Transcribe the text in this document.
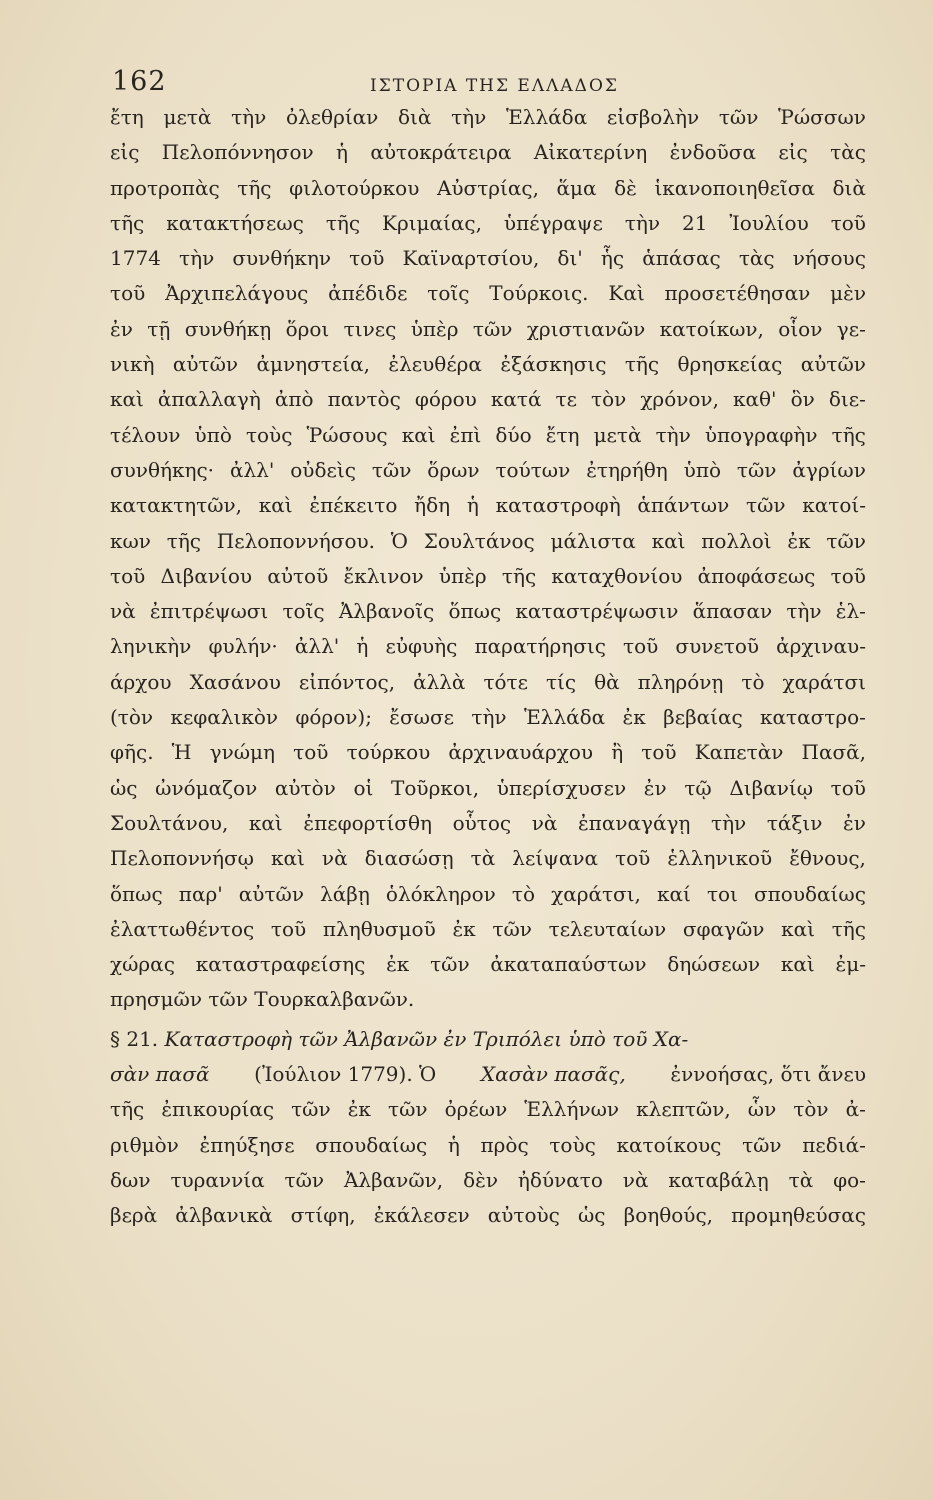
162	ΙΣΤΟΡΙΑ ΤΗΣ ΕΛΛΑΔΟΣ
ἔτη μετὰ τὴν ὀλεθρίαν διὰ τὴν Ἑλλάδα εἰσβολὴν τῶν Ῥώσσων
εἰς Πελοπόννησον ἡ αὐτοκράτειρα Αἰκατερίνη ἐνδοῦσα εἰς τὰς
προτροπὰς τῆς φιλοτούρκου Αὐστρίας, ἅμα δὲ ἱκανοποιηθεῖσα διὰ
τῆς κατακτήσεως τῆς Κριμαίας, ὑπέγραψε τὴν 21 Ἰουλίου τοῦ
1774 τὴν συνθήκην τοῦ Καϊναρτσίου, δι' ἧς ἁπάσας τὰς νήσους
τοῦ Ἀρχιπελάγους ἀπέδιδε τοῖς Τούρκοις. Καὶ προσετέθησαν μὲν
ἐν τῇ συνθήκῃ ὅροι τινες ὑπὲρ τῶν χριστιανῶν κατοίκων, οἷον γε-
νικὴ αὐτῶν ἀμνηστεία, ἐλευθέρα ἐξάσκησις τῆς θρησκείας αὐτῶν
καὶ ἀπαλλαγὴ ἀπὸ παντὸς φόρου κατά τε τὸν χρόνον, καθ' ὃν διε-
τέλουν ὑπὸ τοὺς Ῥώσους καὶ ἐπὶ δύο ἔτη μετὰ τὴν ὑπογραφὴν τῆς
συνθήκης· ἀλλ' οὐδεὶς τῶν ὅρων τούτων ἐτηρήθη ὑπὸ τῶν ἀγρίων
κατακτητῶν, καὶ ἐπέκειτο ἤδη ἡ καταστροφὴ ἁπάντων τῶν κατοί-
κων τῆς Πελοποννήσου. Ὁ Σουλτάνος μάλιστα καὶ πολλοὶ ἐκ τῶν
τοῦ Διβανίου αὐτοῦ ἔκλινον ὑπὲρ τῆς καταχθονίου ἀποφάσεως τοῦ
νὰ ἐπιτρέψωσι τοῖς Ἀλβανοῖς ὅπως καταστρέψωσιν ἅπασαν τὴν ἑλ-
ληνικὴν φυλήν· ἀλλ' ἡ εὐφυὴς παρατήρησις τοῦ συνετοῦ ἀρχιναυ-
άρχου Χασάνου εἰπόντος, ἀλλὰ τότε τίς θὰ πληρόνῃ τὸ χαράτσι
(τὸν κεφαλικὸν φόρον); ἔσωσε τὴν Ἑλλάδα ἐκ βεβαίας καταστρο-
φῆς. Ἡ γνώμη τοῦ τούρκου ἀρχιναυάρχου ἢ τοῦ Καπετὰν Πασᾶ,
ὡς ὠνόμαζον αὐτὸν οἱ Τοῦρκοι, ὑπερίσχυσεν ἐν τῷ Διβανίῳ τοῦ
Σουλτάνου, καὶ ἐπεφορτίσθη οὗτος νὰ ἐπαναγάγῃ τὴν τάξιν ἐν
Πελοποννήσῳ καὶ νὰ διασώσῃ τὰ λείψανα τοῦ ἑλληνικοῦ ἔθνους,
ὅπως παρ' αὐτῶν λάβῃ ὁλόκληρον τὸ χαράτσι, καί τοι σπουδαίως
ἐλαττωθέντος τοῦ πληθυσμοῦ ἐκ τῶν τελευταίων σφαγῶν καὶ τῆς
χώρας καταστραφείσης ἐκ τῶν ἀκαταπαύστων δηώσεων καὶ ἐμ-
πρησμῶν τῶν Τουρκαλβανῶν.
§ 21. Καταστροφὴ τῶν Ἀλβανῶν ἐν Τριπόλει ὑπὸ τοῦ Χα-
σὰν πασᾶ (Ἰούλιον 1779). Ὁ Χασὰν πασᾶς, ἐννοήσας, ὅτι ἄνευ
τῆς ἐπικουρίας τῶν ἐκ τῶν ὀρέων Ἑλλήνων κλεπτῶν, ὧν τὸν ἀ-
ριθμὸν ἐπηύξησε σπουδαίως ἡ πρὸς τοὺς κατοίκους τῶν πεδιά-
δων τυραννία τῶν Ἀλβανῶν, δὲν ἠδύνατο νὰ καταβάλῃ τὰ φο-
βερὰ ἀλβανικὰ στίφη, ἐκάλεσεν αὐτοὺς ὡς βοηθούς, προμηθεύσας
